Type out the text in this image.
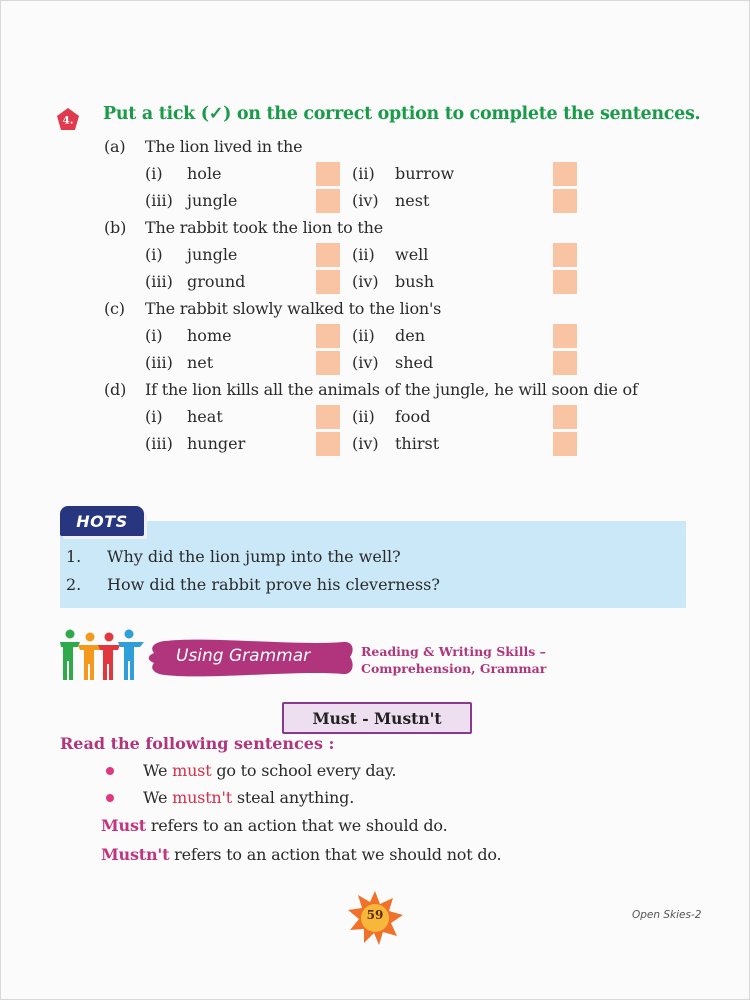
4. Put a tick (✓) on the correct option to complete the sentences.
(a) The lion lived in the
(i) hole	(ii) burrow
(iii) jungle	(iv) nest
(b) The rabbit took the lion to the
(i) jungle	(ii) well
(iii) ground	(iv) bush
(c) The rabbit slowly walked to the lion's
(i) home	(ii) den
(iii) net	(iv) shed
(d) If the lion kills all the animals of the jungle, he will soon die of
(i) heat	(ii) food
(iii) hunger	(iv) thirst
HOTS
1. Why did the lion jump into the well?
2. How did the rabbit prove his cleverness?
Using Grammar	Reading & Writing Skills –
Comprehension, Grammar
Must - Mustn't
Read the following sentences :
We must go to school every day.
We mustn't steal anything.
Must refers to an action that we should do.
Mustn't refers to an action that we should not do.
59	Open Skies-2
